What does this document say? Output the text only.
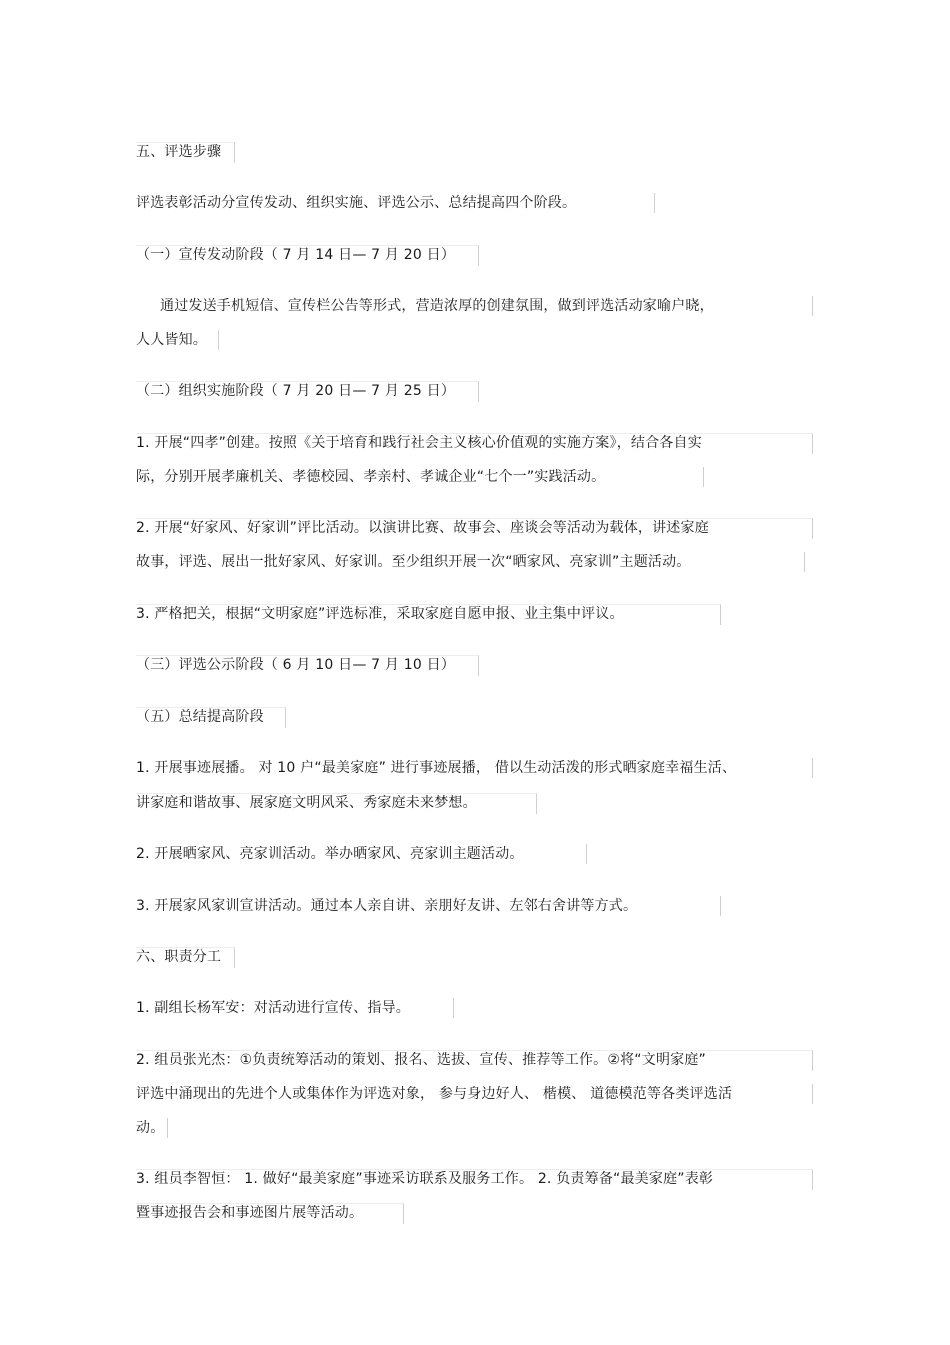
五、评选步骤
评选表彰活动分宣传发动、组织实施、评选公示、总结提高四个阶段。
（一）宣传发动阶段（ 7 月 14 日— 7 月 20 日）
通过发送手机短信、宣传栏公告等形式，营造浓厚的创建氛围，做到评选活动家喻户晓，
人人皆知。
（二）组织实施阶段（ 7 月 20 日— 7 月 25 日）
1. 开展“四孝”创建。按照《关于培育和践行社会主义核心价值观的实施方案》，结合各自实
际，分别开展孝廉机关、孝德校园、孝亲村、孝诚企业“七个一”实践活动。
2. 开展“好家风、好家训”评比活动。以演讲比赛、故事会、座谈会等活动为载体，讲述家庭
故事，评选、展出一批好家风、好家训。至少组织开展一次“晒家风、亮家训”主题活动。
3. 严格把关，根据“文明家庭”评选标准，采取家庭自愿申报、业主集中评议。
（三）评选公示阶段（ 6 月 10 日— 7 月 10 日）
（五）总结提高阶段
1. 开展事迹展播。 对 10 户“最美家庭” 进行事迹展播， 借以生动活泼的形式晒家庭幸福生活、
讲家庭和谐故事、展家庭文明风采、秀家庭未来梦想。
2. 开展晒家风、亮家训活动。举办晒家风、亮家训主题活动。
3. 开展家风家训宣讲活动。通过本人亲自讲、亲朋好友讲、左邻右舍讲等方式。
六、职责分工
1. 副组长杨军安：对活动进行宣传、指导。
2. 组员张光杰：①负责统筹活动的策划、报名、选拔、宣传、推荐等工作。②将“文明家庭”
评选中涌现出的先进个人或集体作为评选对象， 参与身边好人、 楷模、 道德模范等各类评选活
动。
3. 组员李智恒： 1. 做好“最美家庭”事迹采访联系及服务工作。 2. 负责筹备“最美家庭”表彰
暨事迹报告会和事迹图片展等活动。
